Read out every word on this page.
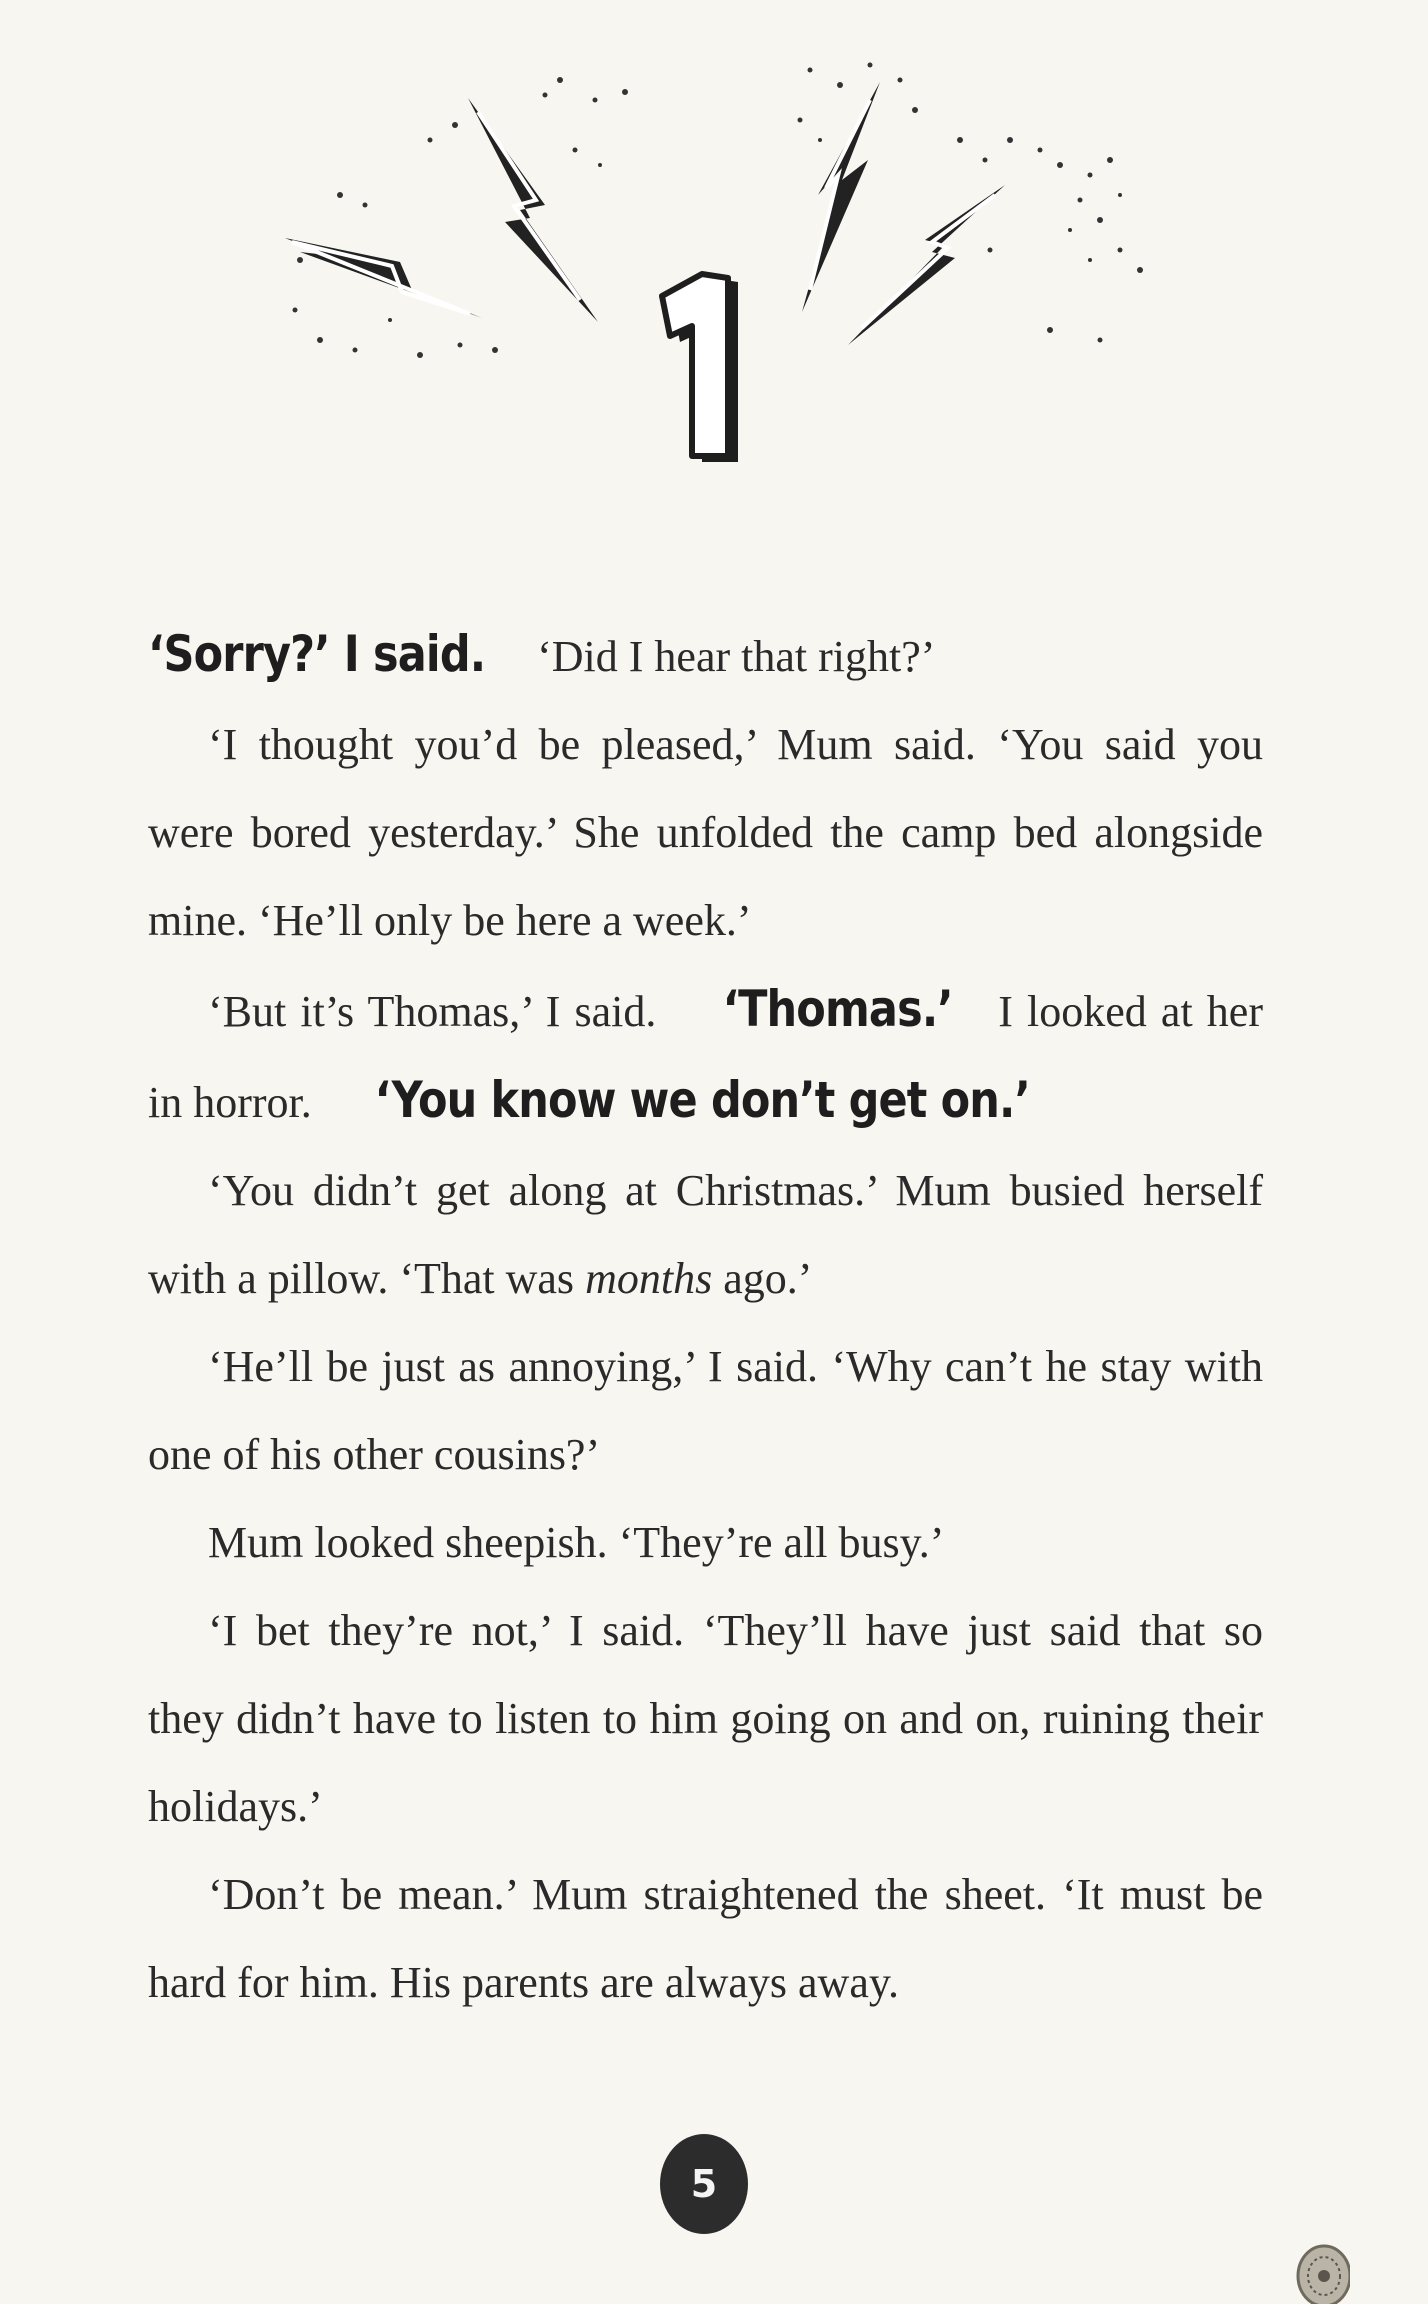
‘Sorry?’ I said. ‘Did I hear that right?’

‘I thought you’d be pleased,’ Mum said. ‘You said you were bored yesterday.’ She unfolded the camp bed alongside mine. ‘He’ll only be here a week.’

‘But it’s Thomas,’ I said. ‘Thomas.’ I looked at her in horror. ‘You know we don’t get on.’

‘You didn’t get along at Christmas.’ Mum busied herself with a pillow. ‘That was months ago.’

‘He’ll be just as annoying,’ I said. ‘Why can’t he stay with one of his other cousins?’

Mum looked sheepish. ‘They’re all busy.’

‘I bet they’re not,’ I said. ‘They’ll have just said that so they didn’t have to listen to him going on and on, ruining their holidays.’

‘Don’t be mean.’ Mum straightened the sheet. ‘It must be hard for him. His parents are always away.

5
